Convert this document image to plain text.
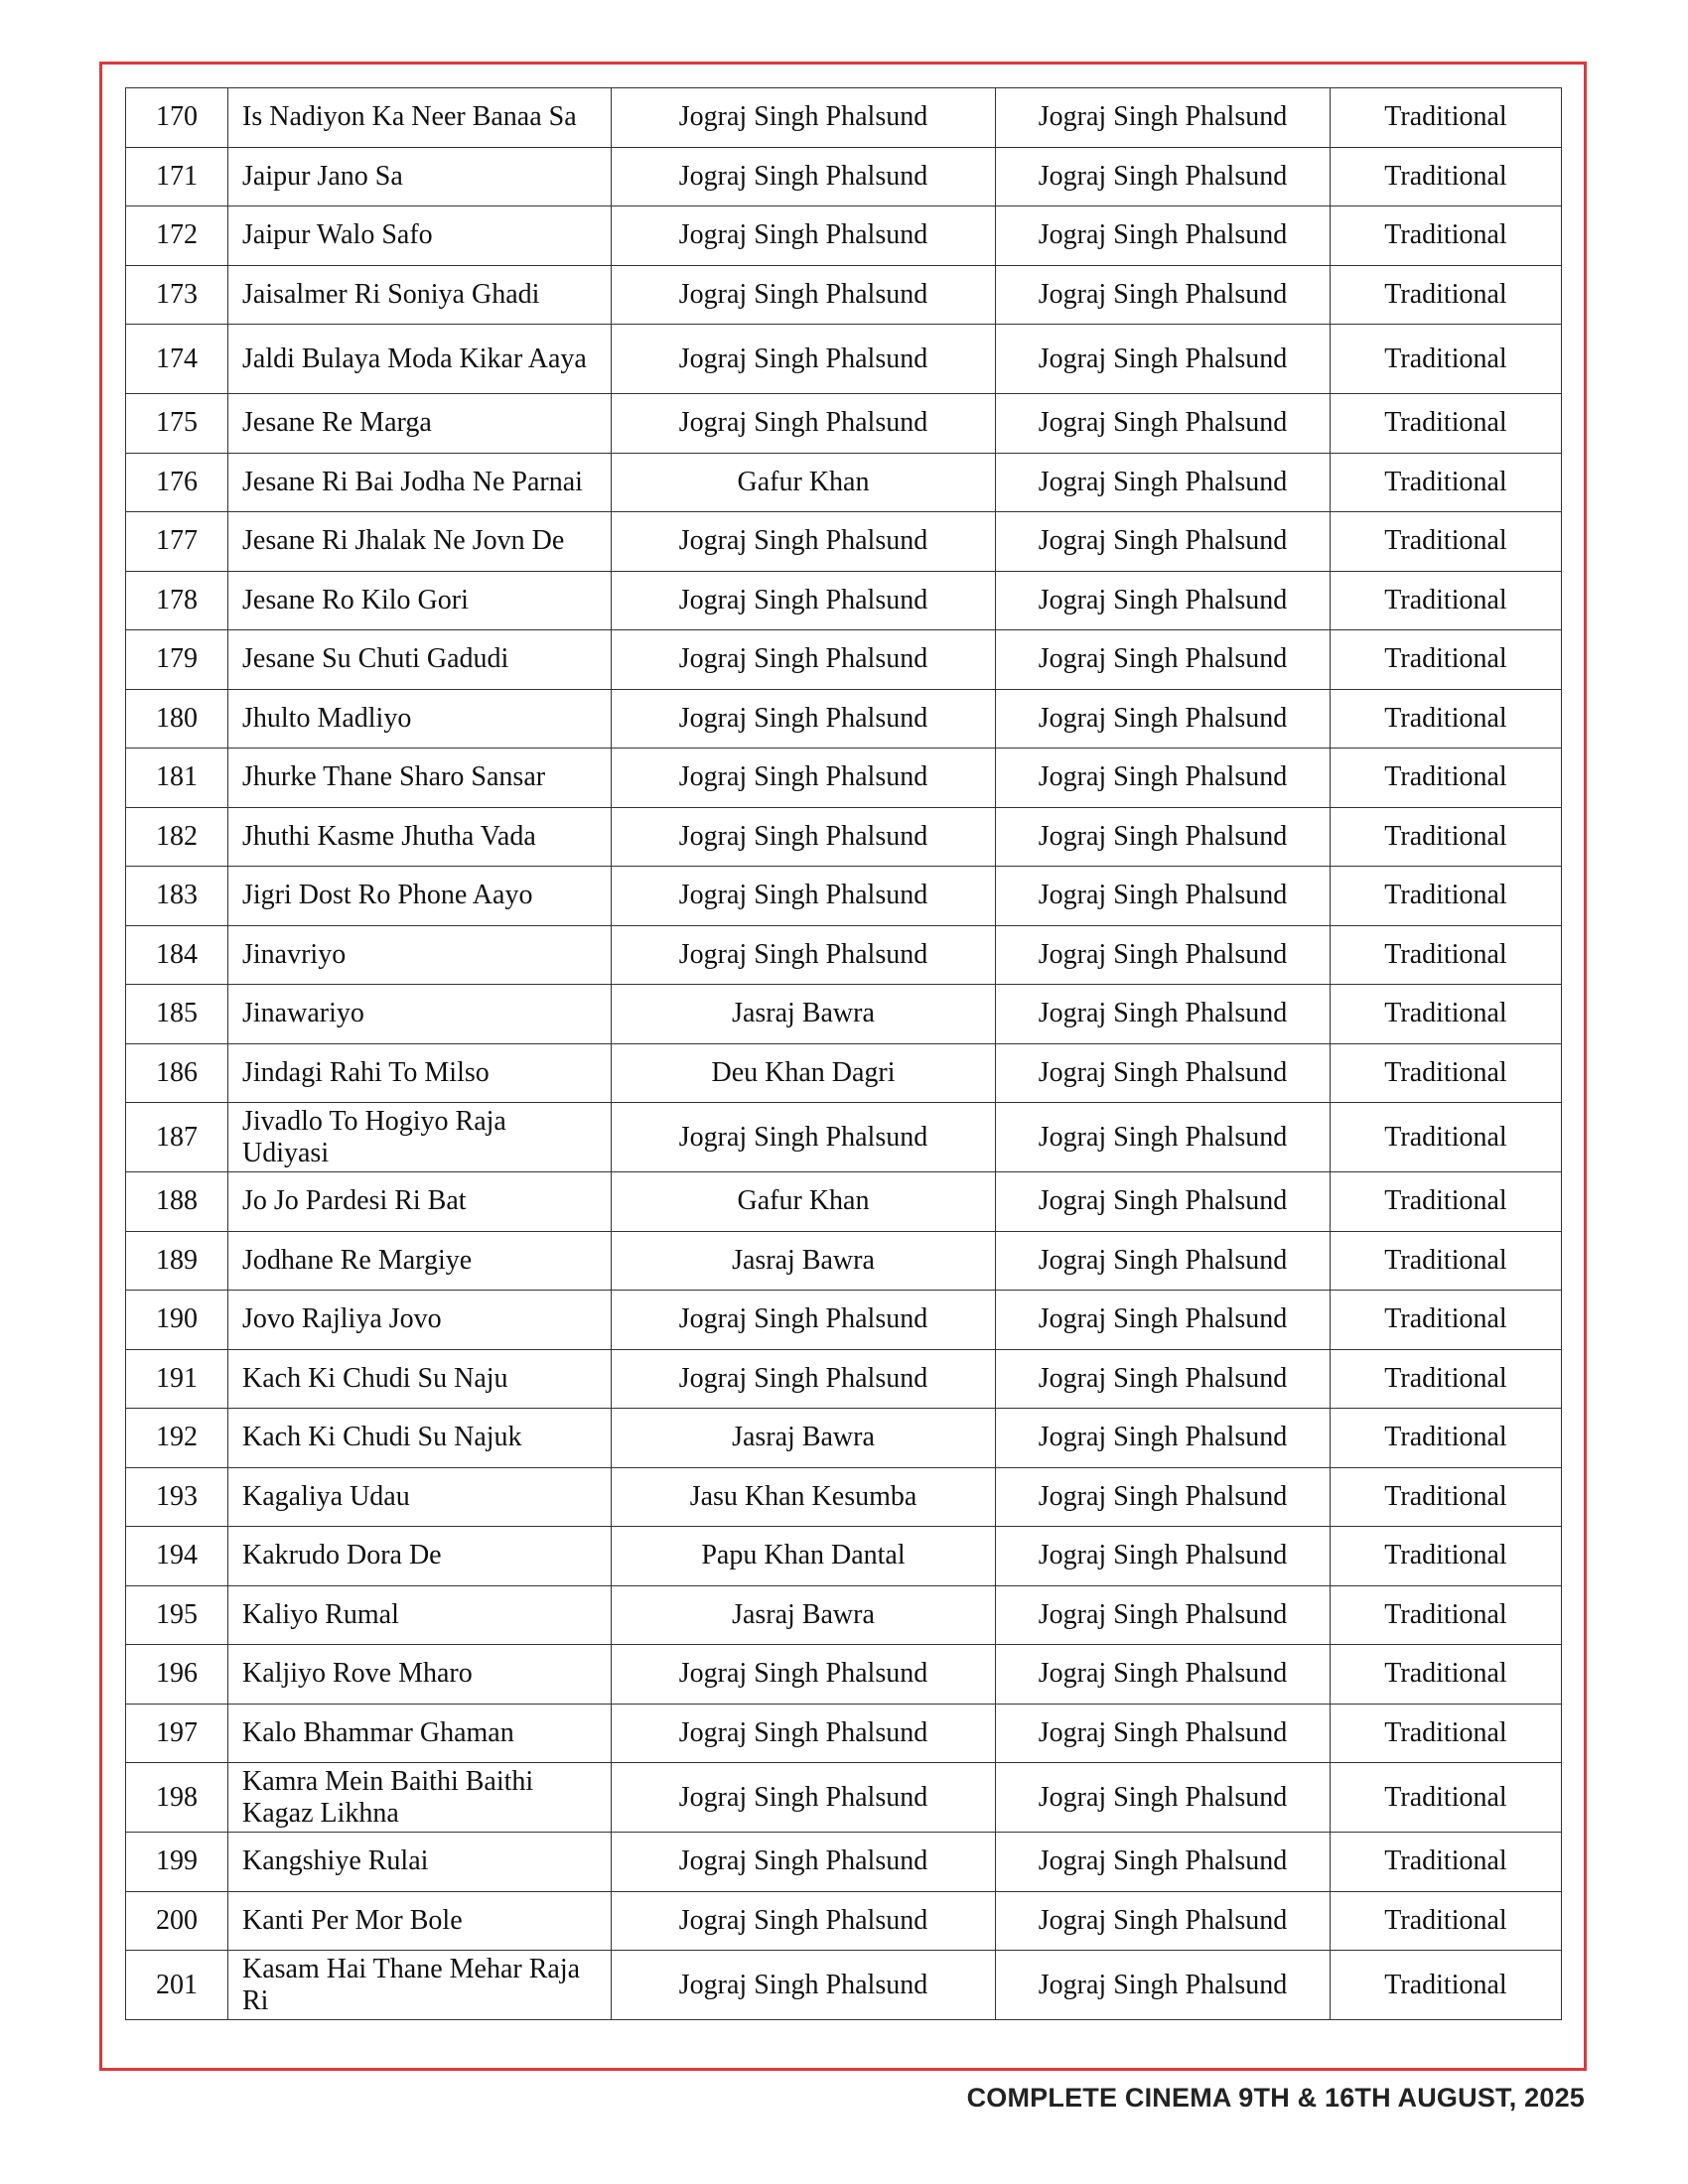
170	Is Nadiyon Ka Neer Banaa Sa	Jograj Singh Phalsund	Jograj Singh Phalsund	Traditional
171	Jaipur Jano Sa	Jograj Singh Phalsund	Jograj Singh Phalsund	Traditional
172	Jaipur Walo Safo	Jograj Singh Phalsund	Jograj Singh Phalsund	Traditional
173	Jaisalmer Ri Soniya Ghadi	Jograj Singh Phalsund	Jograj Singh Phalsund	Traditional
174	Jaldi Bulaya Moda Kikar Aaya	Jograj Singh Phalsund	Jograj Singh Phalsund	Traditional
175	Jesane Re Marga	Jograj Singh Phalsund	Jograj Singh Phalsund	Traditional
176	Jesane Ri Bai Jodha Ne Parnai	Gafur Khan	Jograj Singh Phalsund	Traditional
177	Jesane Ri Jhalak Ne Jovn De	Jograj Singh Phalsund	Jograj Singh Phalsund	Traditional
178	Jesane Ro Kilo Gori	Jograj Singh Phalsund	Jograj Singh Phalsund	Traditional
179	Jesane Su Chuti Gadudi	Jograj Singh Phalsund	Jograj Singh Phalsund	Traditional
180	Jhulto Madliyo	Jograj Singh Phalsund	Jograj Singh Phalsund	Traditional
181	Jhurke Thane Sharo Sansar	Jograj Singh Phalsund	Jograj Singh Phalsund	Traditional
182	Jhuthi Kasme Jhutha Vada	Jograj Singh Phalsund	Jograj Singh Phalsund	Traditional
183	Jigri Dost Ro Phone Aayo	Jograj Singh Phalsund	Jograj Singh Phalsund	Traditional
184	Jinavriyo	Jograj Singh Phalsund	Jograj Singh Phalsund	Traditional
185	Jinawariyo	Jasraj Bawra	Jograj Singh Phalsund	Traditional
186	Jindagi Rahi To Milso	Deu Khan Dagri	Jograj Singh Phalsund	Traditional
187	Jivadlo To Hogiyo Raja Udiyasi	Jograj Singh Phalsund	Jograj Singh Phalsund	Traditional
188	Jo Jo Pardesi Ri Bat	Gafur Khan	Jograj Singh Phalsund	Traditional
189	Jodhane Re Margiye	Jasraj Bawra	Jograj Singh Phalsund	Traditional
190	Jovo Rajliya Jovo	Jograj Singh Phalsund	Jograj Singh Phalsund	Traditional
191	Kach Ki Chudi Su Naju	Jograj Singh Phalsund	Jograj Singh Phalsund	Traditional
192	Kach Ki Chudi Su Najuk	Jasraj Bawra	Jograj Singh Phalsund	Traditional
193	Kagaliya Udau	Jasu Khan Kesumba	Jograj Singh Phalsund	Traditional
194	Kakrudo Dora De	Papu Khan Dantal	Jograj Singh Phalsund	Traditional
195	Kaliyo Rumal	Jasraj Bawra	Jograj Singh Phalsund	Traditional
196	Kaljiyo Rove Mharo	Jograj Singh Phalsund	Jograj Singh Phalsund	Traditional
197	Kalo Bhammar Ghaman	Jograj Singh Phalsund	Jograj Singh Phalsund	Traditional
198	Kamra Mein Baithi Baithi Kagaz Likhna	Jograj Singh Phalsund	Jograj Singh Phalsund	Traditional
199	Kangshiye Rulai	Jograj Singh Phalsund	Jograj Singh Phalsund	Traditional
200	Kanti Per Mor Bole	Jograj Singh Phalsund	Jograj Singh Phalsund	Traditional
201	Kasam Hai Thane Mehar Raja Ri	Jograj Singh Phalsund	Jograj Singh Phalsund	Traditional
COMPLETE CINEMA 9TH & 16TH AUGUST, 2025
